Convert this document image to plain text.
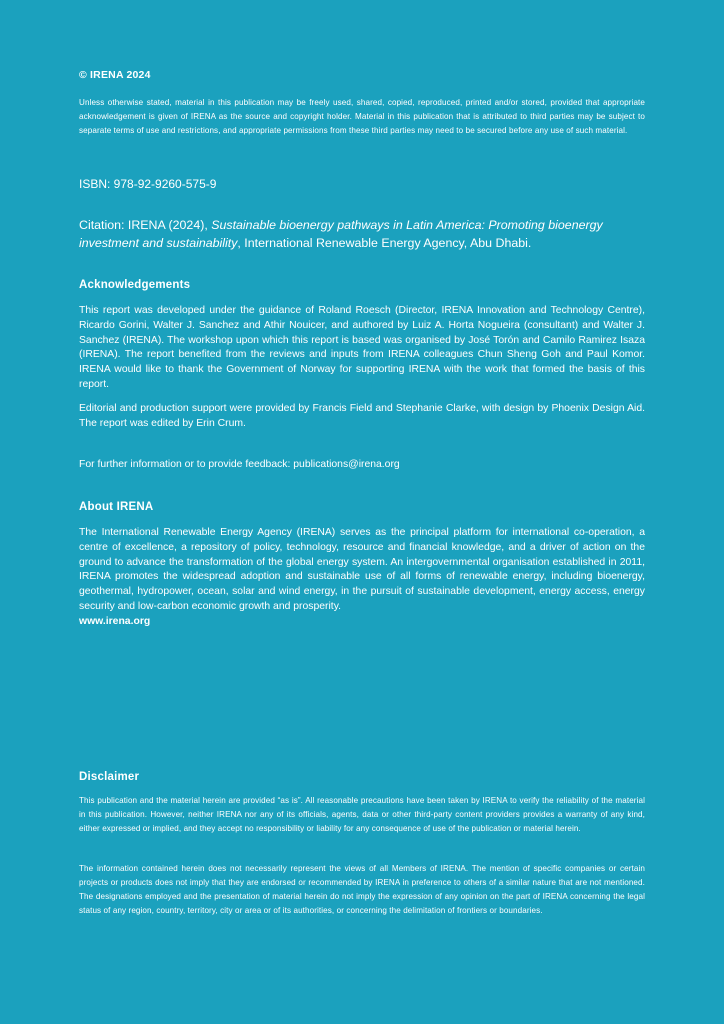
© IRENA 2024

Unless otherwise stated, material in this publication may be freely used, shared, copied, reproduced, printed and/or stored, provided that appropriate acknowledgement is given of IRENA as the source and copyright holder. Material in this publication that is attributed to third parties may be subject to separate terms of use and restrictions, and appropriate permissions from these third parties may need to be secured before any use of such material.

ISBN: 978-92-9260-575-9

Citation: IRENA (2024), Sustainable bioenergy pathways in Latin America: Promoting bioenergy investment and sustainability, International Renewable Energy Agency, Abu Dhabi.

Acknowledgements

This report was developed under the guidance of Roland Roesch (Director, IRENA Innovation and Technology Centre), Ricardo Gorini, Walter J. Sanchez and Athir Nouicer, and authored by Luiz A. Horta Nogueira (consultant) and Walter J. Sanchez (IRENA). The workshop upon which this report is based was organised by José Torón and Camilo Ramirez Isaza (IRENA). The report benefited from the reviews and inputs from IRENA colleagues Chun Sheng Goh and Paul Komor. IRENA would like to thank the Government of Norway for supporting IRENA with the work that formed the basis of this report.

Editorial and production support were provided by Francis Field and Stephanie Clarke, with design by Phoenix Design Aid. The report was edited by Erin Crum.

For further information or to provide feedback: publications@irena.org

About IRENA

The International Renewable Energy Agency (IRENA) serves as the principal platform for international co-operation, a centre of excellence, a repository of policy, technology, resource and financial knowledge, and a driver of action on the ground to advance the transformation of the global energy system. An intergovernmental organisation established in 2011, IRENA promotes the widespread adoption and sustainable use of all forms of renewable energy, including bioenergy, geothermal, hydropower, ocean, solar and wind energy, in the pursuit of sustainable development, energy access, energy security and low-carbon economic growth and prosperity.
www.irena.org

Disclaimer

This publication and the material herein are provided “as is”. All reasonable precautions have been taken by IRENA to verify the reliability of the material in this publication. However, neither IRENA nor any of its officials, agents, data or other third-party content providers provides a warranty of any kind, either expressed or implied, and they accept no responsibility or liability for any consequence of use of the publication or material herein.

The information contained herein does not necessarily represent the views of all Members of IRENA. The mention of specific companies or certain projects or products does not imply that they are endorsed or recommended by IRENA in preference to others of a similar nature that are not mentioned. The designations employed and the presentation of material herein do not imply the expression of any opinion on the part of IRENA concerning the legal status of any region, country, territory, city or area or of its authorities, or concerning the delimitation of frontiers or boundaries.
